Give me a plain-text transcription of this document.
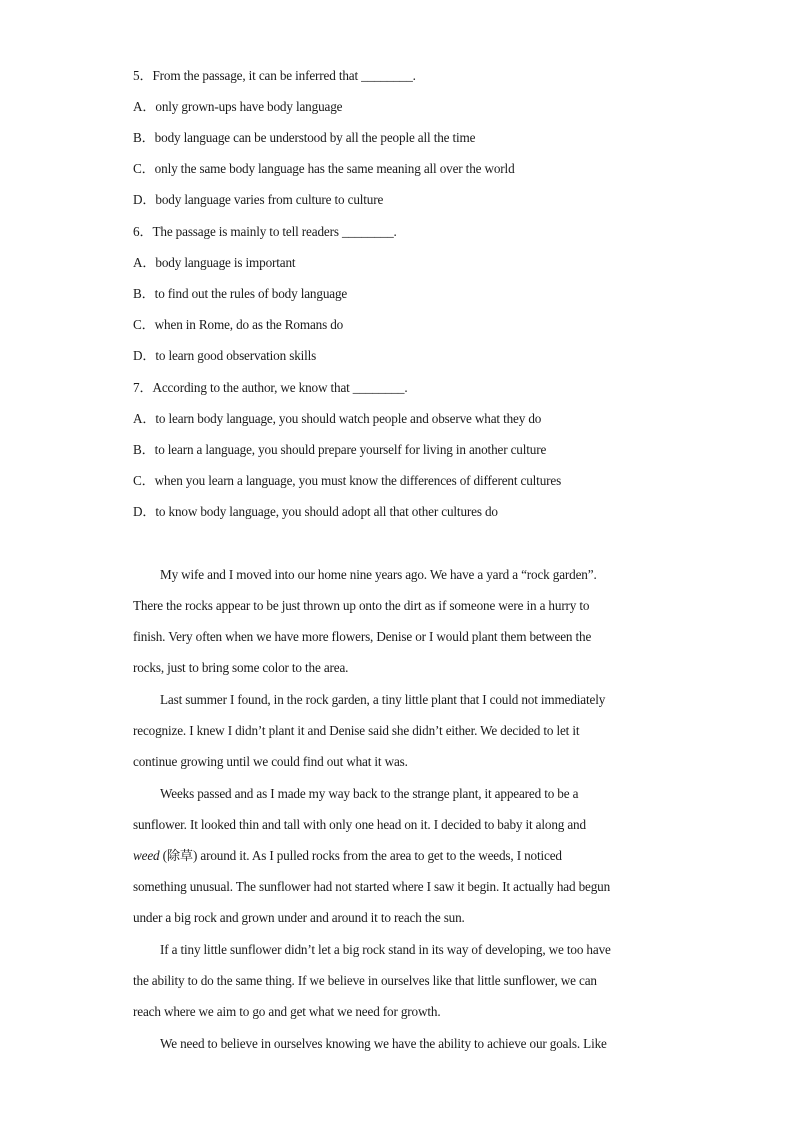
5．From the passage, it can be inferred that ________.
A．only grown-ups have body language
B．body language can be understood by all the people all the time
C．only the same body language has the same meaning all over the world
D．body language varies from culture to culture
6．The passage is mainly to tell readers ________.
A．body language is important
B．to find out the rules of body language
C．when in Rome, do as the Romans do
D．to learn good observation skills
7．According to the author, we know that ________.
A．to learn body language, you should watch people and observe what they do
B．to learn a language, you should prepare yourself for living in another culture
C．when you learn a language, you must know the differences of different cultures
D．to know body language, you should adopt all that other cultures do
My wife and I moved into our home nine years ago. We have a yard a “rock garden”.
There the rocks appear to be just thrown up onto the dirt as if someone were in a hurry to
finish. Very often when we have more flowers, Denise or I would plant them between the
rocks, just to bring some color to the area.
Last summer I found, in the rock garden, a tiny little plant that I could not immediately
recognize. I knew I didn’t plant it and Denise said she didn’t either. We decided to let it
continue growing until we could find out what it was.
Weeks passed and as I made my way back to the strange plant, it appeared to be a
sunflower. It looked thin and tall with only one head on it. I decided to baby it along and
weed (除草) around it. As I pulled rocks from the area to get to the weeds, I noticed
something unusual. The sunflower had not started where I saw it begin. It actually had begun
under a big rock and grown under and around it to reach the sun.
If a tiny little sunflower didn’t let a big rock stand in its way of developing, we too have
the ability to do the same thing. If we believe in ourselves like that little sunflower, we can
reach where we aim to go and get what we need for growth.
We need to believe in ourselves knowing we have the ability to achieve our goals. Like
